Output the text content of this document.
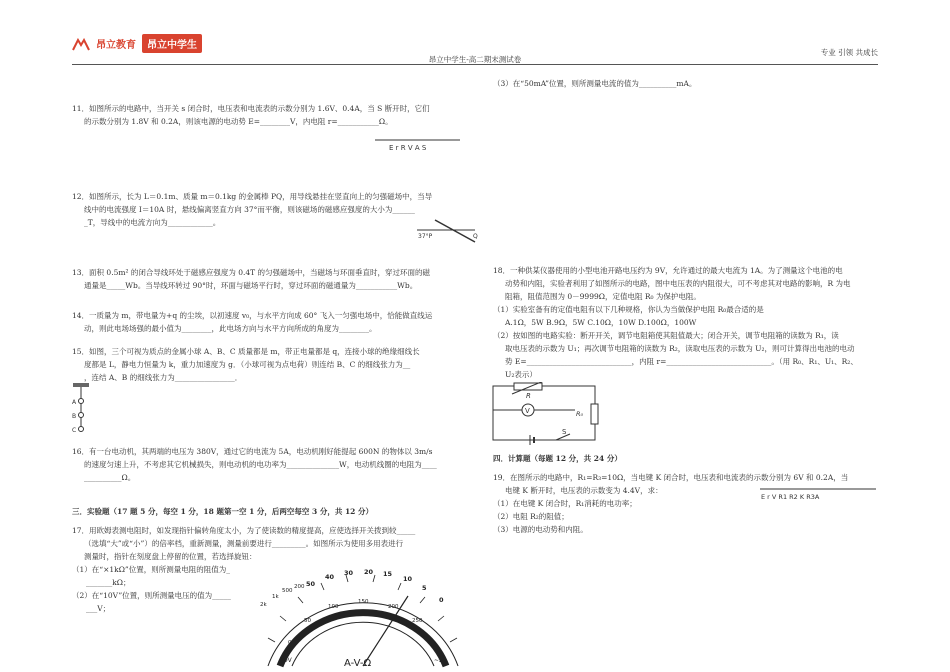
昂立教育	昂立中学生
昂立中学生-高二期末测试卷
专业 引领 共成长
11．如图所示的电路中，当开关 s 闭合时，电压表和电流表的示数分别为 1.6V、0.4A，当 S 断开时，它们
的示数分别为 1.8V 和 0.2A，则该电源的电动势 E=________V，内电阻 r=___________Ω。
E r R V A S
12．如图所示，长为 L＝0.1m、质量 m＝0.1kg 的金属棒 PQ，用导线悬挂在竖直向上的匀强磁场中，当导
线中的电流强度 I＝10A 时，悬线偏离竖直方向 37°而平衡，则该磁场的磁感应强度的大小为______
_T，导线中的电流方向为____________。
37°P	Q
13．面积 0.5m² 的闭合导线环处于磁感应强度为 0.4T 的匀强磁场中，当磁场与环面垂直时，穿过环面的磁
通量是_____Wb。当导线环转过 90°时，环面与磁场平行时，穿过环面的磁通量为___________Wb。
14．一质量为 m，带电量为+q 的尘埃，以初速度 v₀，与水平方向成 60° 飞入一匀强电场中，恰能做直线运
动，则此电场场强的最小值为________，此电场方向与水平方向所成的角度为________。
15．如图，三个可视为质点的金属小球 A、B、C 质量都是 m，带正电量都是 q，连接小球的绝缘细线长
度都是 L，静电力恒量为 k，重力加速度为 g．（小球可视为点电荷）则连结 B、C 的细线张力为__
，连结 A、B 的细线张力为________________．
A
B
C
16．有一台电动机，其两端的电压为 380V，通过它的电流为 5A，电动机刚好能提起 600N 的物体以 3m/s
的速度匀速上升，不考虑其它机械损失，则电动机的电功率为______________W，电动机线圈的电阻为____
__________Ω。
三．实验题（17 题 5 分，每空 1 分，18 题第一空 1 分，后两空每空 3 分，共 12 分）
17．用欧姆表测电阻时，如发现指针偏转角度太小，为了使读数的精度提高，应使选择开关拨到较_____
（选填“大”或“小”）的倍率档，重新测量，测量前要进行_________。如图所示为使用多用表进行
测量时，指针在刻度盘上停留的位置，若选择旋钮：
（1）在“×1kΩ”位置，则所测量电阻的阻值为_
_______kΩ；
（2）在“10V”位置，则所测量电压的值为_____
___V；
50
40 30 20 15
10
5
0
2k
1k
500
200
0
50
100
150
200
250
A-V-Ω
10V	~2
（3）在“50mA”位置，则所测量电流的值为__________mA。
18．一种供某仪器使用的小型电池开路电压约为 9V，允许通过的最大电流为 1A。为了测量这个电池的电
动势和内阻，实验者利用了如图所示的电路，图中电压表的内阻很大，可不考虑其对电路的影响，R 为电
阻箱，阻值范围为 0－9999Ω，定值电阻 R₀ 为保护电阻。
（1）实验室备有的定值电阻有以下几种规格，你认为当做保护电阻 R₀最合适的是
A.1Ω，5W B.9Ω，5W C.10Ω，10W D.100Ω，100W
（2）按如图的电路实验：断开开关，调节电阻箱使其阻值最大；闭合开关，调节电阻箱的读数为 R₁，读
取电压表的示数为 U₁；再次调节电阻箱的读数为 R₂，读取电压表的示数为 U₂，则可计算得出电池的电动
势 E=____________________________，内阻 r=____________________________。（用 R₀、R₁、U₁、R₂、
U₂表示）
R
V	R₀
S
四．计算题（每题 12 分，共 24 分）
19．在图所示的电路中，R₁=R₃=10Ω，当电键 K 闭合时，电压表和电流表的示数分别为 6V 和 0.2A，当
电键 K 断开时，电压表的示数变为 4.4V，求：
（1）在电键 K 闭合时，R₁消耗的电功率；
（2）电阻 R₂的阻值；
（3）电源的电动势和内阻。
E r V R1 R2 K R3A
